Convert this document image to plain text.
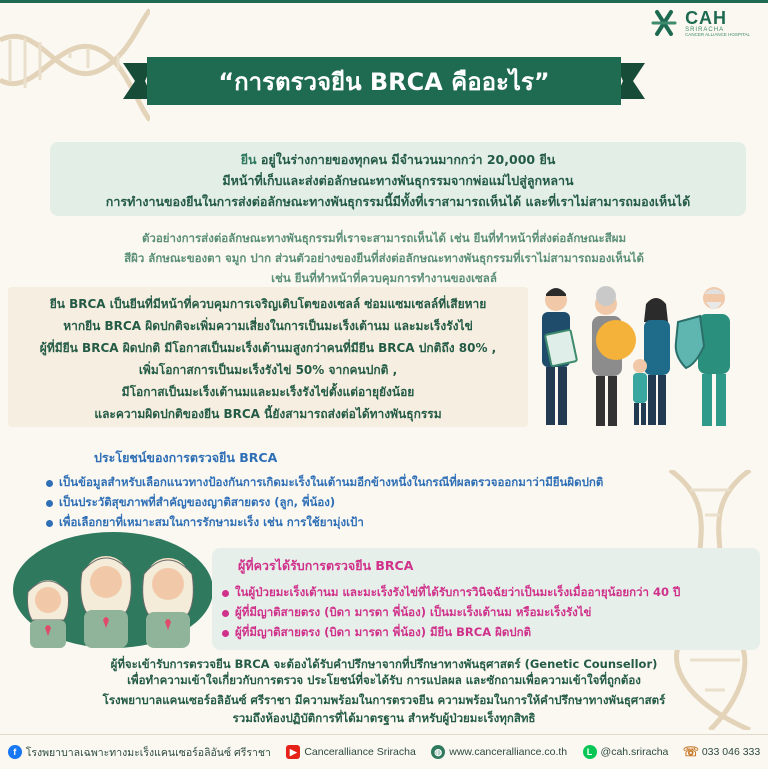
CAH
SRIRACHA
CANCER ALLIANCE HOSPITAL
“การตรวจยีน BRCA คืออะไร”
ยีน อยู่ในร่างกายของทุกคน มีจำนวนมากกว่า 20,000 ยีน
มีหน้าที่เก็บและส่งต่อลักษณะทางพันธุกรรมจากพ่อแม่ไปสู่ลูกหลาน
การทำงานของยีนในการส่งต่อลักษณะทางพันธุกรรมนี้มีทั้งที่เราสามารถเห็นได้ และที่เราไม่สามารถมองเห็นได้
ตัวอย่างการส่งต่อลักษณะทางพันธุกรรมที่เราจะสามารถเห็นได้ เช่น ยีนที่ทำหน้าที่ส่งต่อลักษณะสีผม
สีผิว ลักษณะของตา จมูก ปาก ส่วนตัวอย่างของยีนที่ส่งต่อลักษณะทางพันธุกรรมที่เราไม่สามารถมองเห็นได้
เช่น ยีนที่ทำหน้าที่ควบคุมการทำงานของเซลล์
ยีน BRCA เป็นยีนที่มีหน้าที่ควบคุมการเจริญเติบโตของเซลล์ ซ่อมแซมเซลล์ที่เสียหาย
หากยีน BRCA ผิดปกติจะเพิ่มความเสี่ยงในการเป็นมะเร็งเต้านม และมะเร็งรังไข่
ผู้ที่มียีน BRCA ผิดปกติ มีโอกาสเป็นมะเร็งเต้านมสูงกว่าคนที่มียีน BRCA ปกติถึง 80% ,
เพิ่มโอกาสการเป็นมะเร็งรังไข่ 50% จากคนปกติ ,
มีโอกาสเป็นมะเร็งเต้านมและมะเร็งรังไข่ตั้งแต่อายุยังน้อย
และความผิดปกติของยีน BRCA นี้ยังสามารถส่งต่อได้ทางพันธุกรรม
ประโยชน์ของการตรวจยีน BRCA
เป็นข้อมูลสำหรับเลือกแนวทางป้องกันการเกิดมะเร็งในเต้านมอีกข้างหนึ่งในกรณีที่ผลตรวจออกมาว่ามียีนผิดปกติ
เป็นประวัติสุขภาพที่สำคัญของญาติสายตรง (ลูก, พี่น้อง)
เพื่อเลือกยาที่เหมาะสมในการรักษามะเร็ง เช่น การใช้ยามุ่งเป้า
ผู้ที่ควรได้รับการตรวจยีน BRCA
ในผู้ป่วยมะเร็งเต้านม และมะเร็งรังไข่ที่ได้รับการวินิจฉัยว่าเป็นมะเร็งเมื่ออายุน้อยกว่า 40 ปี
ผู้ที่มีญาติสายตรง (บิดา มารดา พี่น้อง) เป็นมะเร็งเต้านม หรือมะเร็งรังไข่
ผู้ที่มีญาติสายตรง (บิดา มารดา พี่น้อง) มียีน BRCA ผิดปกติ
ผู้ที่จะเข้ารับการตรวจยีน BRCA จะต้องได้รับคำปรึกษาจากที่ปรึกษาทางพันธุศาสตร์ (Genetic Counsellor)
เพื่อทำความเข้าใจเกี่ยวกับการตรวจ ประโยชน์ที่จะได้รับ การแปลผล และซักถามเพื่อความเข้าใจที่ถูกต้อง
โรงพยาบาลแคนเซอร์อลิอันซ์ ศรีราชา มีความพร้อมในการตรวจยีน ความพร้อมในการให้คำปรึกษาทางพันธุศาสตร์
รวมถึงห้องปฏิบัติการที่ได้มาตรฐาน สำหรับผู้ป่วยมะเร็งทุกสิทธิ
f โรงพยาบาลเฉพาะทางมะเร็งแคนเซอร์อลิอันซ์ ศรีราชา	▶ Canceralliance Sriracha	◍ www.canceralliance.co.th	L @cah.sriracha ☏ 033 046 333
